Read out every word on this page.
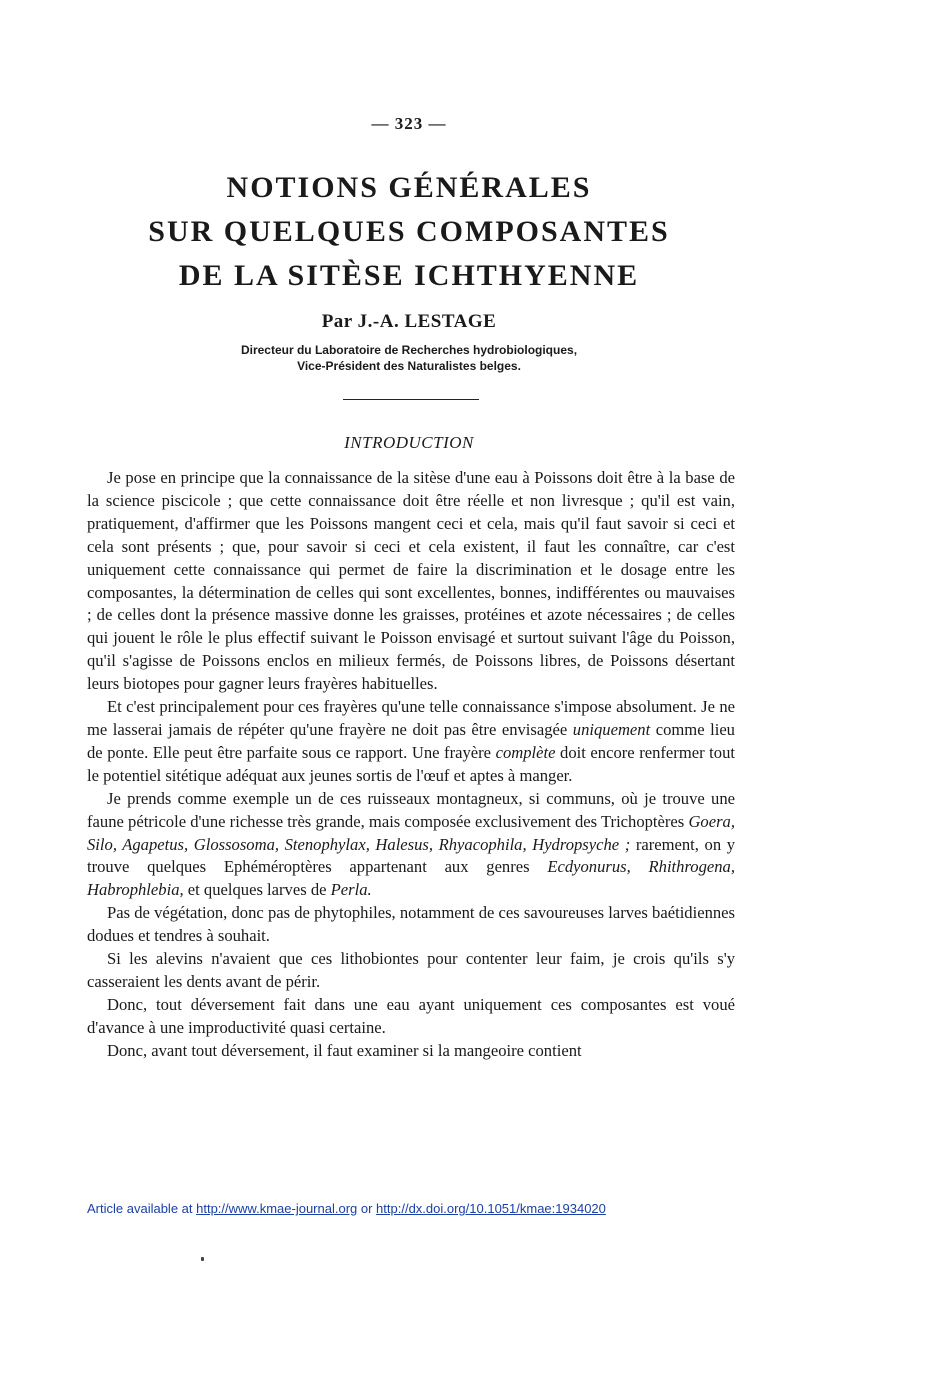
— 323 —
NOTIONS GÉNÉRALES
SUR QUELQUES COMPOSANTES
DE LA SITÈSE ICHTHYENNE
Par J.-A. LESTAGE
Directeur du Laboratoire de Recherches hydrobiologiques,
Vice-Président des Naturalistes belges.
INTRODUCTION

Je pose en principe que la connaissance de la sitèse d'une eau à Poissons doit être à la base de la science piscicole ; que cette connaissance doit être réelle et non livresque ; qu'il est vain, pratiquement, d'affirmer que les Poissons mangent ceci et cela, mais qu'il faut savoir si ceci et cela sont présents ; que, pour savoir si ceci et cela existent, il faut les connaître, car c'est uniquement cette connaissance qui permet de faire la discrimination et le dosage entre les composantes, la détermination de celles qui sont excellentes, bonnes, indifférentes ou mauvaises ; de celles dont la présence massive donne les graisses, protéines et azote nécessaires ; de celles qui jouent le rôle le plus effectif suivant le Poisson envisagé et surtout suivant l'âge du Poisson, qu'il s'agisse de Poissons enclos en milieux fermés, de Poissons libres, de Poissons désertant leurs biotopes pour gagner leurs frayères habituelles.

Et c'est principalement pour ces frayères qu'une telle connaissance s'impose absolument. Je ne me lasserai jamais de répéter qu'une frayère ne doit pas être envisagée uniquement comme lieu de ponte. Elle peut être parfaite sous ce rapport. Une frayère complète doit encore renfermer tout le potentiel sitétique adéquat aux jeunes sortis de l'œuf et aptes à manger.

Je prends comme exemple un de ces ruisseaux montagneux, si communs, où je trouve une faune pétricole d'une richesse très grande, mais composée exclusivement des Trichoptères Goera, Silo, Agapetus, Glossosoma, Stenophylax, Halesus, Rhyacophila, Hydropsyche ; rarement, on y trouve quelques Ephéméroptères appartenant aux genres Ecdyonurus, Rhithrogena, Habrophlebia, et quelques larves de Perla.

Pas de végétation, donc pas de phytophiles, notamment de ces savoureuses larves baétidiennes dodues et tendres à souhait.

Si les alevins n'avaient que ces lithobiontes pour contenter leur faim, je crois qu'ils s'y casseraient les dents avant de périr.

Donc, tout déversement fait dans une eau ayant uniquement ces composantes est voué d'avance à une improductivité quasi certaine.

Donc, avant tout déversement, il faut examiner si la mangeoire contient

Article available at http://www.kmae-journal.org or http://dx.doi.org/10.1051/kmae:1934020
